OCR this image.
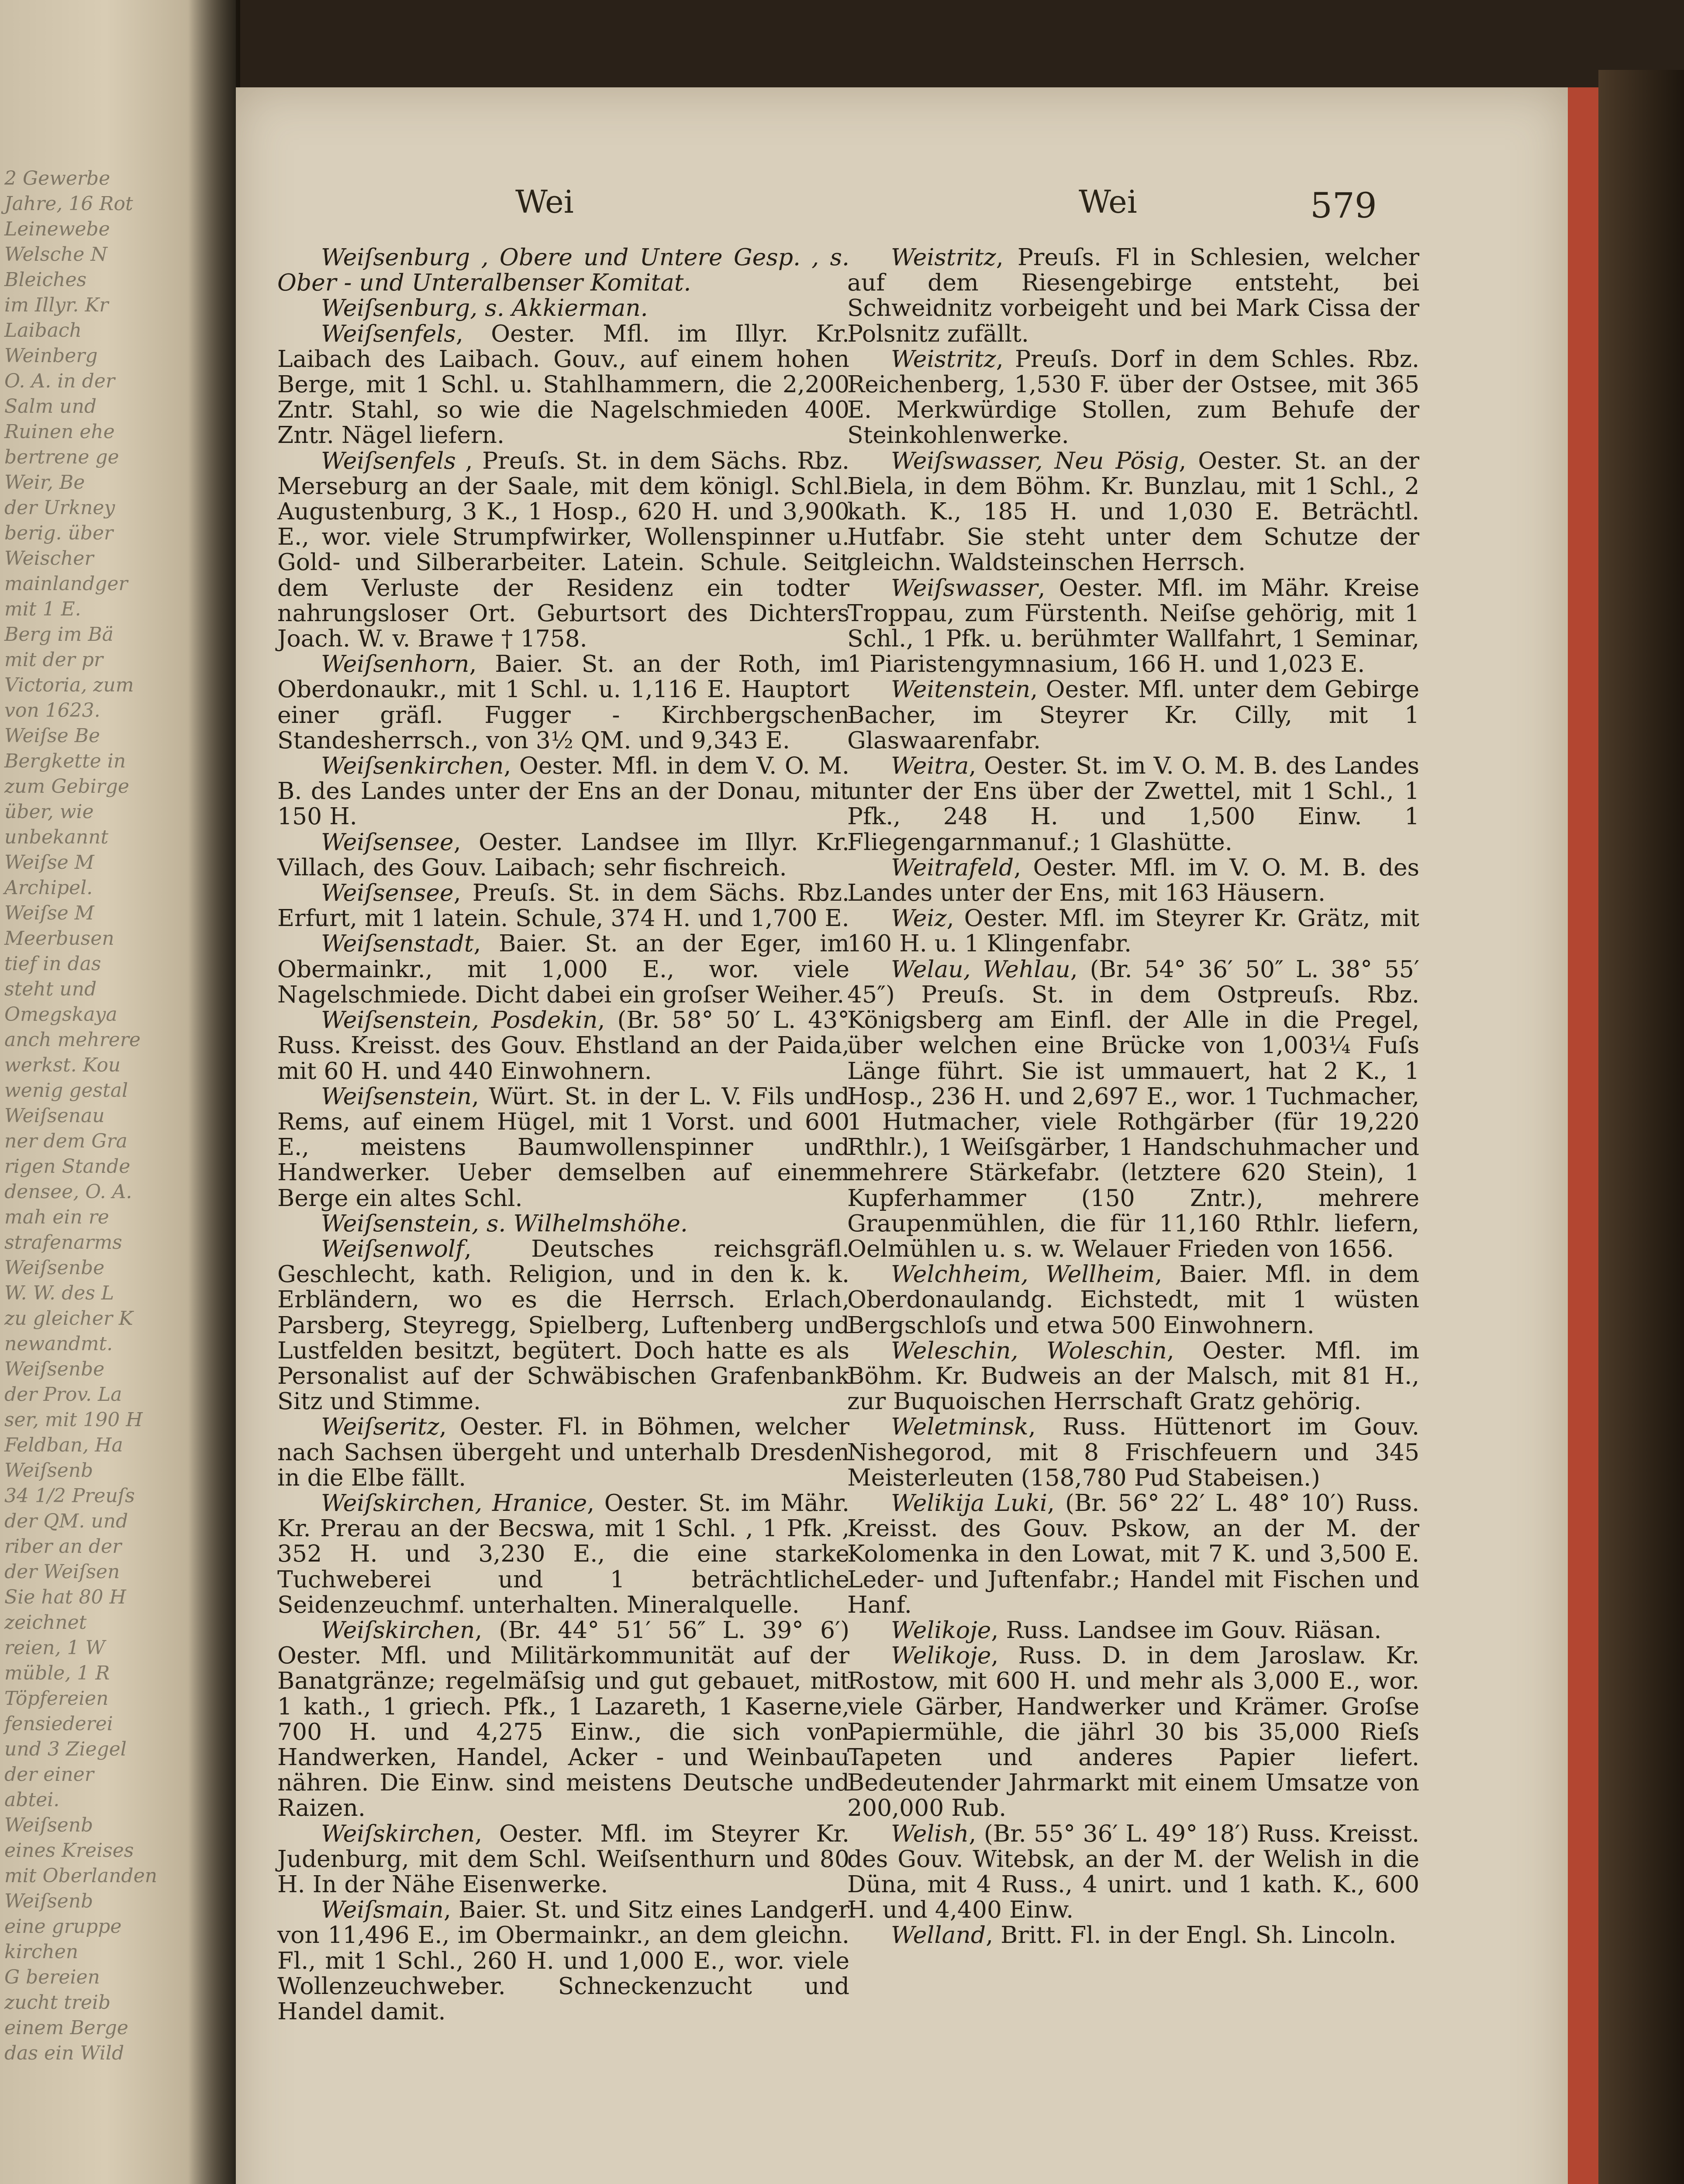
2 Gewerbe
Jahre, 16 Rot
Leinewebe
Welsche N
Bleiches
im Illyr. Kr
Laibach
Weinberg
O. A. in der
Salm und
Ruinen ehe
bertrene ge
Weir, Be
der Urkney
berig. über
Weischer
mainlandger
mit 1 E.
Berg im Bä
mit der pr
Victoria, zum
von 1623.
Weiſse Be
Bergkette in
zum Gebirge
über, wie
unbekannt
Weiſse M
Archipel.
Weiſse M
Meerbusen
tief in das
steht und
Omegskaya
anch mehrere
werkst. Kou
wenig gestal
Weiſsenau
ner dem Gra
rigen Stande
densee, O. A.
mah ein re
strafenarms
Weiſsenbe
W. W. des L
zu gleicher K
newandmt.
Weiſsenbe
der Prov. La
ser, mit 190 H
Feldban, Ha
Weiſsenb
34 1/2 Preuſs
der QM. und
riber an der
der Weiſsen
Sie hat 80 H
zeichnet
reien, 1 W
müble, 1 R
Töpfereien
fensiederei
und 3 Ziegel
der einer
abtei.
Weiſsenb
eines Kreises
mit Oberlanden
Weiſsenb
eine gruppe
kirchen
G bereien
zucht treib
einem Berge
das ein Wild
Wei	Wei	579

Weiſsenburg , Obere und Untere Gesp. , s. Ober - und Unteralbenser Komitat.

Weiſsenburg, s. Akkierman.

Weiſsenfels, Oester. Mfl. im Illyr. Kr. Laibach des Laibach. Gouv., auf einem hohen Berge, mit 1 Schl. u. Stahlhammern, die 2,200 Zntr. Stahl, so wie die Nagelschmieden 400 Zntr. Nägel liefern.

Weiſsenfels , Preuſs. St. in dem Sächs. Rbz. Merseburg an der Saale, mit dem königl. Schl. Augustenburg, 3 K., 1 Hosp., 620 H. und 3,900 E., wor. viele Strumpfwirker, Wollenspinner u. Gold- und Silberarbeiter. Latein. Schule. Seit dem Verluste der Residenz ein todter nahrungsloser Ort. Geburtsort des Dichters Joach. W. v. Brawe † 1758.

Weiſsenhorn, Baier. St. an der Roth, im Oberdonaukr., mit 1 Schl. u. 1,116 E. Hauptort einer gräfl. Fugger - Kirchbergschen Standesherrsch., von 3½ QM. und 9,343 E.

Weiſsenkirchen, Oester. Mfl. in dem V. O. M. B. des Landes unter der Ens an der Donau, mit 150 H.

Weiſsensee, Oester. Landsee im Illyr. Kr. Villach, des Gouv. Laibach; sehr fischreich.

Weiſsensee, Preuſs. St. in dem Sächs. Rbz. Erfurt, mit 1 latein. Schule, 374 H. und 1,700 E.

Weiſsenstadt, Baier. St. an der Eger, im Obermainkr., mit 1,000 E., wor. viele Nagelschmiede. Dicht dabei ein groſser Weiher.

Weiſsenstein, Posdekin, (Br. 58° 50′ L. 43° Russ. Kreisst. des Gouv. Ehstland an der Paida, mit 60 H. und 440 Einwohnern.

Weiſsenstein, Würt. St. in der L. V. Fils und Rems, auf einem Hügel, mit 1 Vorst. und 600 E., meistens Baumwollenspinner und Handwerker. Ueber demselben auf einem Berge ein altes Schl.

Weiſsenstein, s. Wilhelmshöhe.

Weiſsenwolf, Deutsches reichsgräfl. Geschlecht, kath. Religion, und in den k. k. Erbländern, wo es die Herrsch. Erlach, Parsberg, Steyregg, Spielberg, Luftenberg und Lustfelden besitzt, begütert. Doch hatte es als Personalist auf der Schwäbischen Grafenbank Sitz und Stimme.

Weiſseritz, Oester. Fl. in Böhmen, welcher nach Sachsen übergeht und unterhalb Dresden in die Elbe fällt.

Weiſskirchen, Hranice, Oester. St. im Mähr. Kr. Prerau an der Becswa, mit 1 Schl. , 1 Pfk. , 352 H. und 3,230 E., die eine starke Tuchweberei und 1 beträchtliche Seidenzeuchmf. unterhalten. Mineralquelle.

Weiſskirchen, (Br. 44° 51′ 56″ L. 39° 6′) Oester. Mfl. und Militärkommunität auf der Banatgränze; regelmäſsig und gut gebauet, mit 1 kath., 1 griech. Pfk., 1 Lazareth, 1 Kaserne, 700 H. und 4,275 Einw., die sich von Handwerken, Handel, Acker - und Weinbau nähren. Die Einw. sind meistens Deutsche und Raizen.

Weiſskirchen, Oester. Mfl. im Steyrer Kr. Judenburg, mit dem Schl. Weiſsenthurn und 80 H. In der Nähe Eisenwerke.

Weiſsmain, Baier. St. und Sitz eines Landger von 11,496 E., im Obermainkr., an dem gleichn. Fl., mit 1 Schl., 260 H. und 1,000 E., wor. viele Wollenzeuchweber. Schneckenzucht und Handel damit.

Weistritz, Preuſs. Fl in Schlesien, welcher auf dem Riesengebirge entsteht, bei Schweidnitz vorbeigeht und bei Mark Cissa der Polsnitz zufällt.

Weistritz, Preuſs. Dorf in dem Schles. Rbz. Reichenberg, 1,530 F. über der Ostsee, mit 365 E. Merkwürdige Stollen, zum Behufe der Steinkohlenwerke.

Weiſswasser, Neu Pösig, Oester. St. an der Biela, in dem Böhm. Kr. Bunzlau, mit 1 Schl., 2 kath. K., 185 H. und 1,030 E. Beträchtl. Hutfabr. Sie steht unter dem Schutze der gleichn. Waldsteinschen Herrsch.

Weiſswasser, Oester. Mfl. im Mähr. Kreise Troppau, zum Fürstenth. Neiſse gehörig, mit 1 Schl., 1 Pfk. u. berühmter Wallfahrt, 1 Seminar, 1 Piaristengymnasium, 166 H. und 1,023 E.

Weitenstein, Oester. Mfl. unter dem Gebirge Bacher, im Steyrer Kr. Cilly, mit 1 Glaswaarenfabr.

Weitra, Oester. St. im V. O. M. B. des Landes unter der Ens über der Zwettel, mit 1 Schl., 1 Pfk., 248 H. und 1,500 Einw. 1 Fliegengarnmanuf.; 1 Glashütte.

Weitrafeld, Oester. Mfl. im V. O. M. B. des Landes unter der Ens, mit 163 Häusern.

Weiz, Oester. Mfl. im Steyrer Kr. Grätz, mit 160 H. u. 1 Klingenfabr.

Welau, Wehlau, (Br. 54° 36′ 50″ L. 38° 55′ 45″) Preuſs. St. in dem Ostpreuſs. Rbz. Königsberg am Einfl. der Alle in die Pregel, über welchen eine Brücke von 1,003¼ Fuſs Länge führt. Sie ist ummauert, hat 2 K., 1 Hosp., 236 H. und 2,697 E., wor. 1 Tuchmacher, 1 Hutmacher, viele Rothgärber (für 19,220 Rthlr.), 1 Weiſsgärber, 1 Handschuhmacher und mehrere Stärkefabr. (letztere 620 Stein), 1 Kupferhammer (150 Zntr.), mehrere Graupenmühlen, die für 11,160 Rthlr. liefern, Oelmühlen u. s. w. Welauer Frieden von 1656.

Welchheim, Wellheim, Baier. Mfl. in dem Oberdonaulandg. Eichstedt, mit 1 wüsten Bergschloſs und etwa 500 Einwohnern.

Weleschin, Woleschin, Oester. Mfl. im Böhm. Kr. Budweis an der Malsch, mit 81 H., zur Buquoischen Herrschaft Gratz gehörig.

Weletminsk, Russ. Hüttenort im Gouv. Nishegorod, mit 8 Frischfeuern und 345 Meisterleuten (158,780 Pud Stabeisen.)

Welikija Luki, (Br. 56° 22′ L. 48° 10′) Russ. Kreisst. des Gouv. Pskow, an der M. der Kolomenka in den Lowat, mit 7 K. und 3,500 E. Leder- und Juftenfabr.; Handel mit Fischen und Hanf.

Welikoje, Russ. Landsee im Gouv. Riäsan.

Welikoje, Russ. D. in dem Jaroslaw. Kr. Rostow, mit 600 H. und mehr als 3,000 E., wor. viele Gärber, Handwerker und Krämer. Groſse Papiermühle, die jährl 30 bis 35,000 Rieſs Tapeten und anderes Papier liefert. Bedeutender Jahrmarkt mit einem Umsatze von 200,000 Rub.

Welish, (Br. 55° 36′ L. 49° 18′) Russ. Kreisst. des Gouv. Witebsk, an der M. der Welish in die Düna, mit 4 Russ., 4 unirt. und 1 kath. K., 600 H. und 4,400 Einw.

Welland, Britt. Fl. in der Engl. Sh. Lincoln.
